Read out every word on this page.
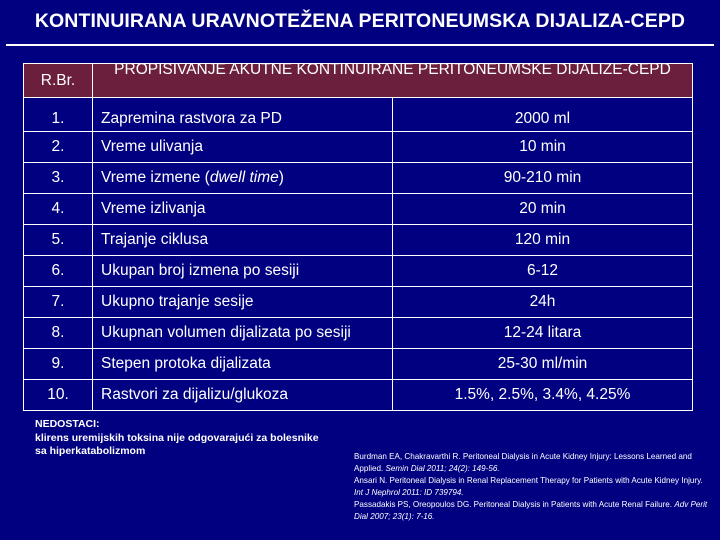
KONTINUIRANA URAVNOTEŽENA PERITONEUMSKA DIJALIZA-CEPD
R.Br.	PROPISIVANJE AKUTNE KONTINUIRANE PERITONEUMSKE DIJALIZE-CEPD	

1.	Zapremina rastvora za PD	2000 ml
2.	Vreme ulivanja	10 min
3.	Vreme izmene (dwell time)	90-210 min
4.	Vreme izlivanja	20 min
5.	Trajanje ciklusa	120 min
6.	Ukupan broj izmena po sesiji	6-12
7.	Ukupno trajanje sesije	24h
8.	Ukupnan volumen dijalizata po sesiji	12-24 litara
9.	Stepen protoka dijalizata	25-30 ml/min
10.	Rastvori za dijalizu/glukoza	1.5%, 2.5%, 3.4%, 4.25%
NEDOSTACI:
klirens uremijskih toksina nije odgovarajući za bolesnike
sa hiperkatabolizmom	Burdman EA, Chakravarthi R. Peritoneal Dialysis in Acute Kidney Injury: Lessons Learned and Applied. Semin Dial 2011; 24(2): 149-56.
Ansari N. Peritoneal Dialysis in Renal Replacement Therapy for Patients with Acute Kidney Injury. Int J Nephrol 2011: ID 739794.
Passadakis PS, Oreopoulos DG. Peritoneal Dialysis in Patients with Acute Renal Failure. Adv Perit Dial 2007; 23(1): 7-16.
